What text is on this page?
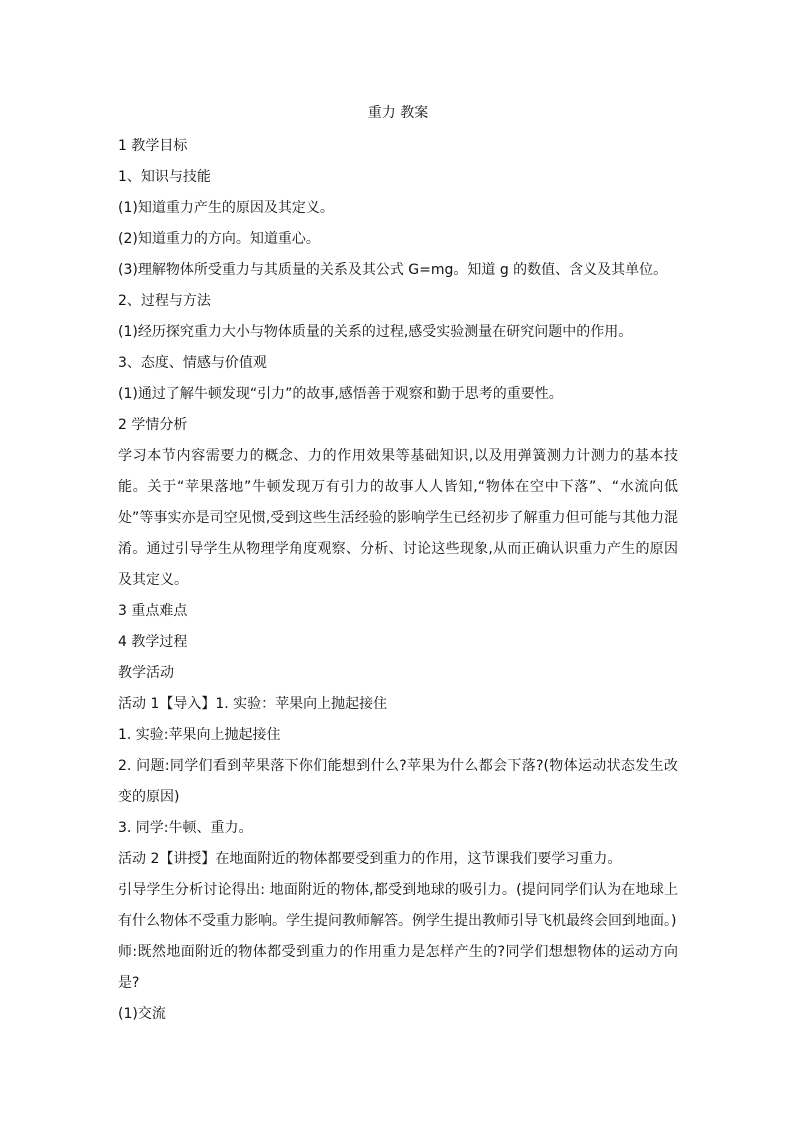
重力 教案
1 教学目标
1、知识与技能
(1)知道重力产生的原因及其定义。
(2)知道重力的方向。知道重心。
(3)理解物体所受重力与其质量的关系及其公式 G=mg。知道 g 的数值、含义及其单位。
2、过程与方法
(1)经历探究重力大小与物体质量的关系的过程,感受实验测量在研究问题中的作用。
3、态度、情感与价值观
(1)通过了解牛顿发现“引力”的故事,感悟善于观察和勤于思考的重要性。
2 学情分析
学习本节内容需要力的概念、力的作用效果等基础知识,以及用弹簧测力计测力的基本技能。关于“苹果落地”牛顿发现万有引力的故事人人皆知,“物体在空中下落”、“水流向低处”等事实亦是司空见惯,受到这些生活经验的影响学生已经初步了解重力但可能与其他力混淆。通过引导学生从物理学角度观察、分析、讨论这些现象,从而正确认识重力产生的原因及其定义。
3 重点难点
4 教学过程
教学活动
活动 1【导入】1. 实验：苹果向上抛起接住
1. 实验:苹果向上抛起接住
2. 问题:同学们看到苹果落下你们能想到什么?苹果为什么都会下落?(物体运动状态发生改变的原因)
3. 同学:牛顿、重力。
活动 2【讲授】在地面附近的物体都要受到重力的作用，这节课我们要学习重力。
引导学生分析讨论得出: 地面附近的物体,都受到地球的吸引力。(提问同学们认为在地球上有什么物体不受重力影响。学生提问教师解答。例学生提出教师引导飞机最终会回到地面。)
师:既然地面附近的物体都受到重力的作用重力是怎样产生的?同学们想想物体的运动方向是?
(1)交流
